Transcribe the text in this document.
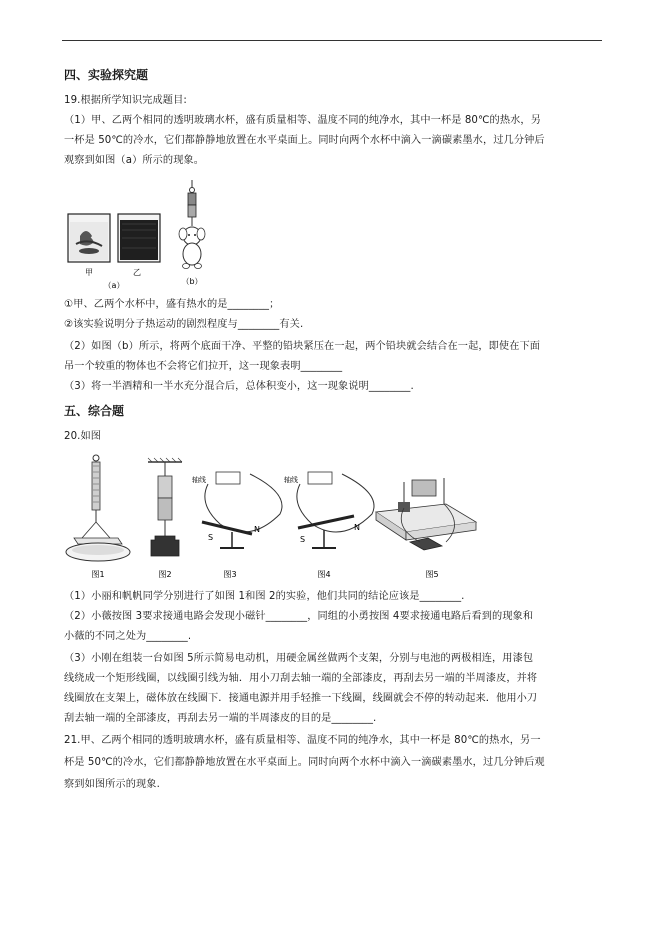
四、实验探究题
19.根据所学知识完成题目:
（1）甲、乙两个相同的透明玻璃水杯，盛有质量相等、温度不同的纯净水，其中一杯是 80℃的热水，另
一杯是 50℃的冷水，它们都静静地放置在水平桌面上。同时向两个水杯中滴入一滴碳素墨水，过几分钟后
观察到如图（a）所示的现象。
甲	乙
（a）	（b）
①甲、乙两个水杯中，盛有热水的是________；
②该实验说明分子热运动的剧烈程度与________有关.
（2）如图（b）所示，将两个底面干净、平整的铅块紧压在一起，两个铅块就会结合在一起，即使在下面
吊一个较重的物体也不会将它们拉开，这一现象表明________
（3）将一半酒精和一半水充分混合后，总体积变小，这一现象说明________.
五、综合题
20.如图
轴线
S
N
轴线
S
N
图1	图2	图3	图4	图5
（1）小丽和帆帆同学分别进行了如图 1和图 2的实验，他们共同的结论应该是________.
（2）小薇按图 3要求接通电路会发现小磁针________，同组的小勇按图 4要求接通电路后看到的现象和
小薇的不同之处为________.
（3）小刚在组装一台如图 5所示简易电动机，用硬金属丝做两个支架，分别与电池的两极相连，用漆包
线绕成一个矩形线圈，以线圈引线为轴．用小刀刮去轴一端的全部漆皮，再刮去另一端的半周漆皮，并将
线圈放在支架上，磁体放在线圈下．接通电源并用手轻推一下线圈，线圈就会不停的转动起来．他用小刀
刮去轴一端的全部漆皮，再刮去另一端的半周漆皮的目的是________.
21.甲、乙两个相同的透明玻璃水杯，盛有质量相等、温度不同的纯净水，其中一杯是 80℃的热水，另一
杯是 50℃的冷水，它们都静静地放置在水平桌面上。同时向两个水杯中滴入一滴碳素墨水，过几分钟后观
察到如图所示的现象.
